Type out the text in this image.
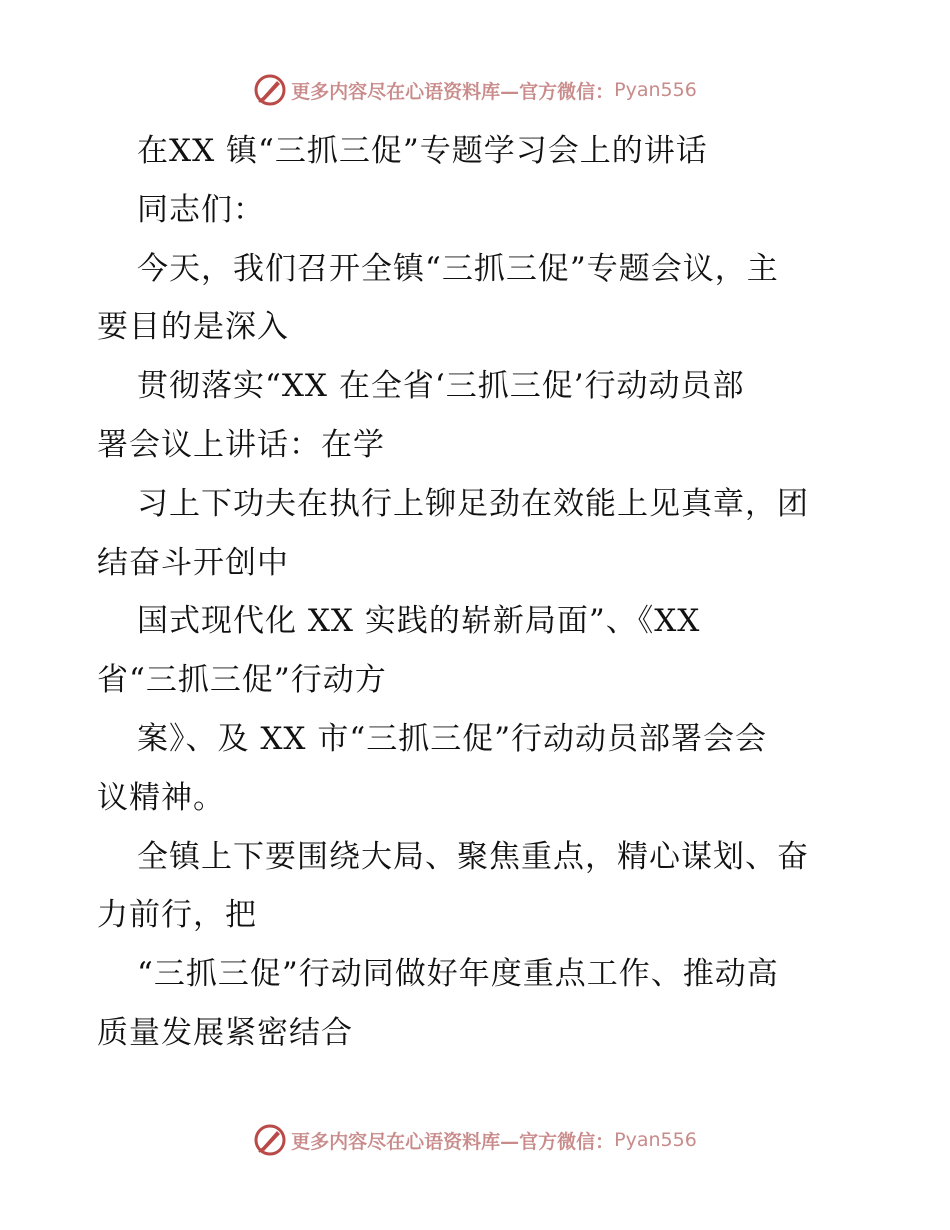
更多内容尽在心语资料库—官方微信： Pyan556
在XX 镇“三抓三促”专题学习会上的讲话
同志们：
今天，我们召开全镇“三抓三促”专题会议，主
要目的是深入
贯彻落实“XX 在全省‘三抓三促’行动动员部
署会议上讲话：在学
习上下功夫在执行上铆足劲在效能上见真章，团
结奋斗开创中
国式现代化 XX 实践的崭新局面”、《XX
省“三抓三促”行动方
案》、及 XX 市“三抓三促”行动动员部署会会
议精神。
全镇上下要围绕大局、聚焦重点，精心谋划、奋
力前行，把
“三抓三促”行动同做好年度重点工作、推动高
质量发展紧密结合
更多内容尽在心语资料库—官方微信： Pyan556
